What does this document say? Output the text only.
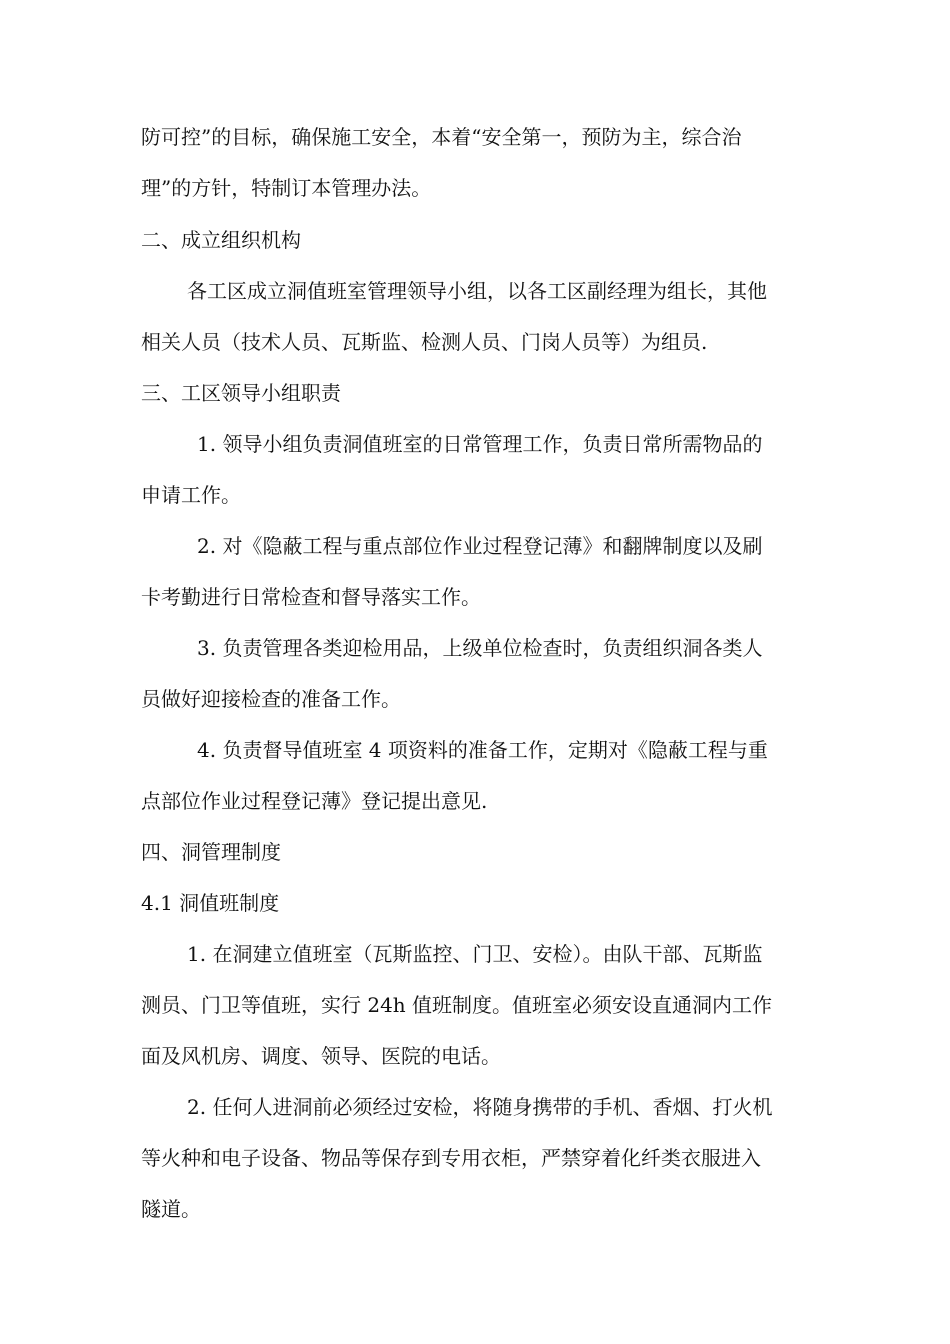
防可控”的目标，确保施工安全，本着“安全第一，预防为主，综合治
理”的方针，特制订本管理办法。
二、成立组织机构
各工区成立洞值班室管理领导小组，以各工区副经理为组长，其他
相关人员（技术人员、瓦斯监、检测人员、门岗人员等）为组员.
三、工区领导小组职责
1. 领导小组负责洞值班室的日常管理工作，负责日常所需物品的
申请工作。
2. 对《隐蔽工程与重点部位作业过程登记薄》和翻牌制度以及刷
卡考勤进行日常检查和督导落实工作。
3. 负责管理各类迎检用品，上级单位检查时，负责组织洞各类人
员做好迎接检查的准备工作。
4. 负责督导值班室 4 项资料的准备工作，定期对《隐蔽工程与重
点部位作业过程登记薄》登记提出意见.
四、洞管理制度
4.1 洞值班制度
1. 在洞建立值班室（瓦斯监控、门卫、安检）。由队干部、瓦斯监
测员、门卫等值班，实行 24h 值班制度。值班室必须安设直通洞内工作
面及风机房、调度、领导、医院的电话。
2. 任何人进洞前必须经过安检，将随身携带的手机、香烟、打火机
等火种和电子设备、物品等保存到专用衣柜，严禁穿着化纤类衣服进入
隧道。
